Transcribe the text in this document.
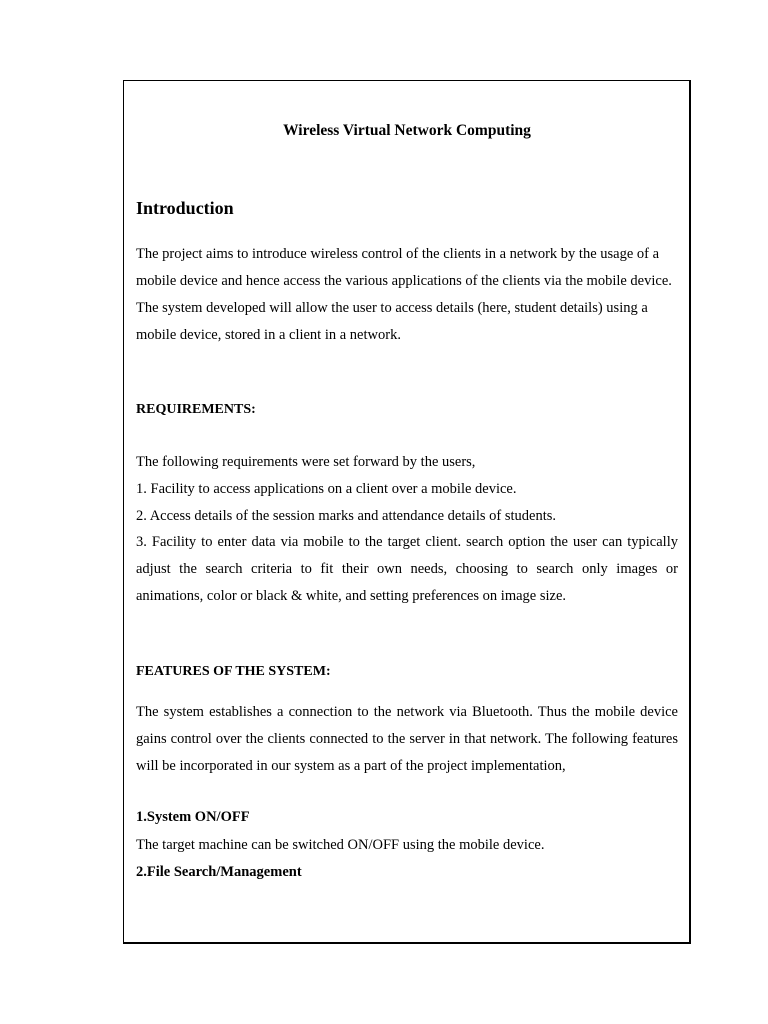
Wireless Virtual Network Computing
Introduction

The project aims to introduce wireless control of the clients in a network by the usage of a mobile device and hence access the various applications of the clients via the mobile device. The system developed will allow the user to access details (here, student details) using a mobile device, stored in a client in a network.

REQUIREMENTS:
The following requirements were set forward by the users,
1. Facility to access applications on a client over a mobile device.
2. Access details of the session marks and attendance details of students.

3. Facility to enter data via mobile to the target client. search option the user can typically adjust the search criteria to fit their own needs, choosing to search only images or animations, color or black & white, and setting preferences on image size.

FEATURES OF THE SYSTEM:

The system establishes a connection to the network via Bluetooth. Thus the mobile device gains control over the clients connected to the server in that network. The following features will be incorporated in our system as a part of the project implementation,

1.System ON/OFF
The target machine can be switched ON/OFF using the mobile device.
2.File Search/Management
